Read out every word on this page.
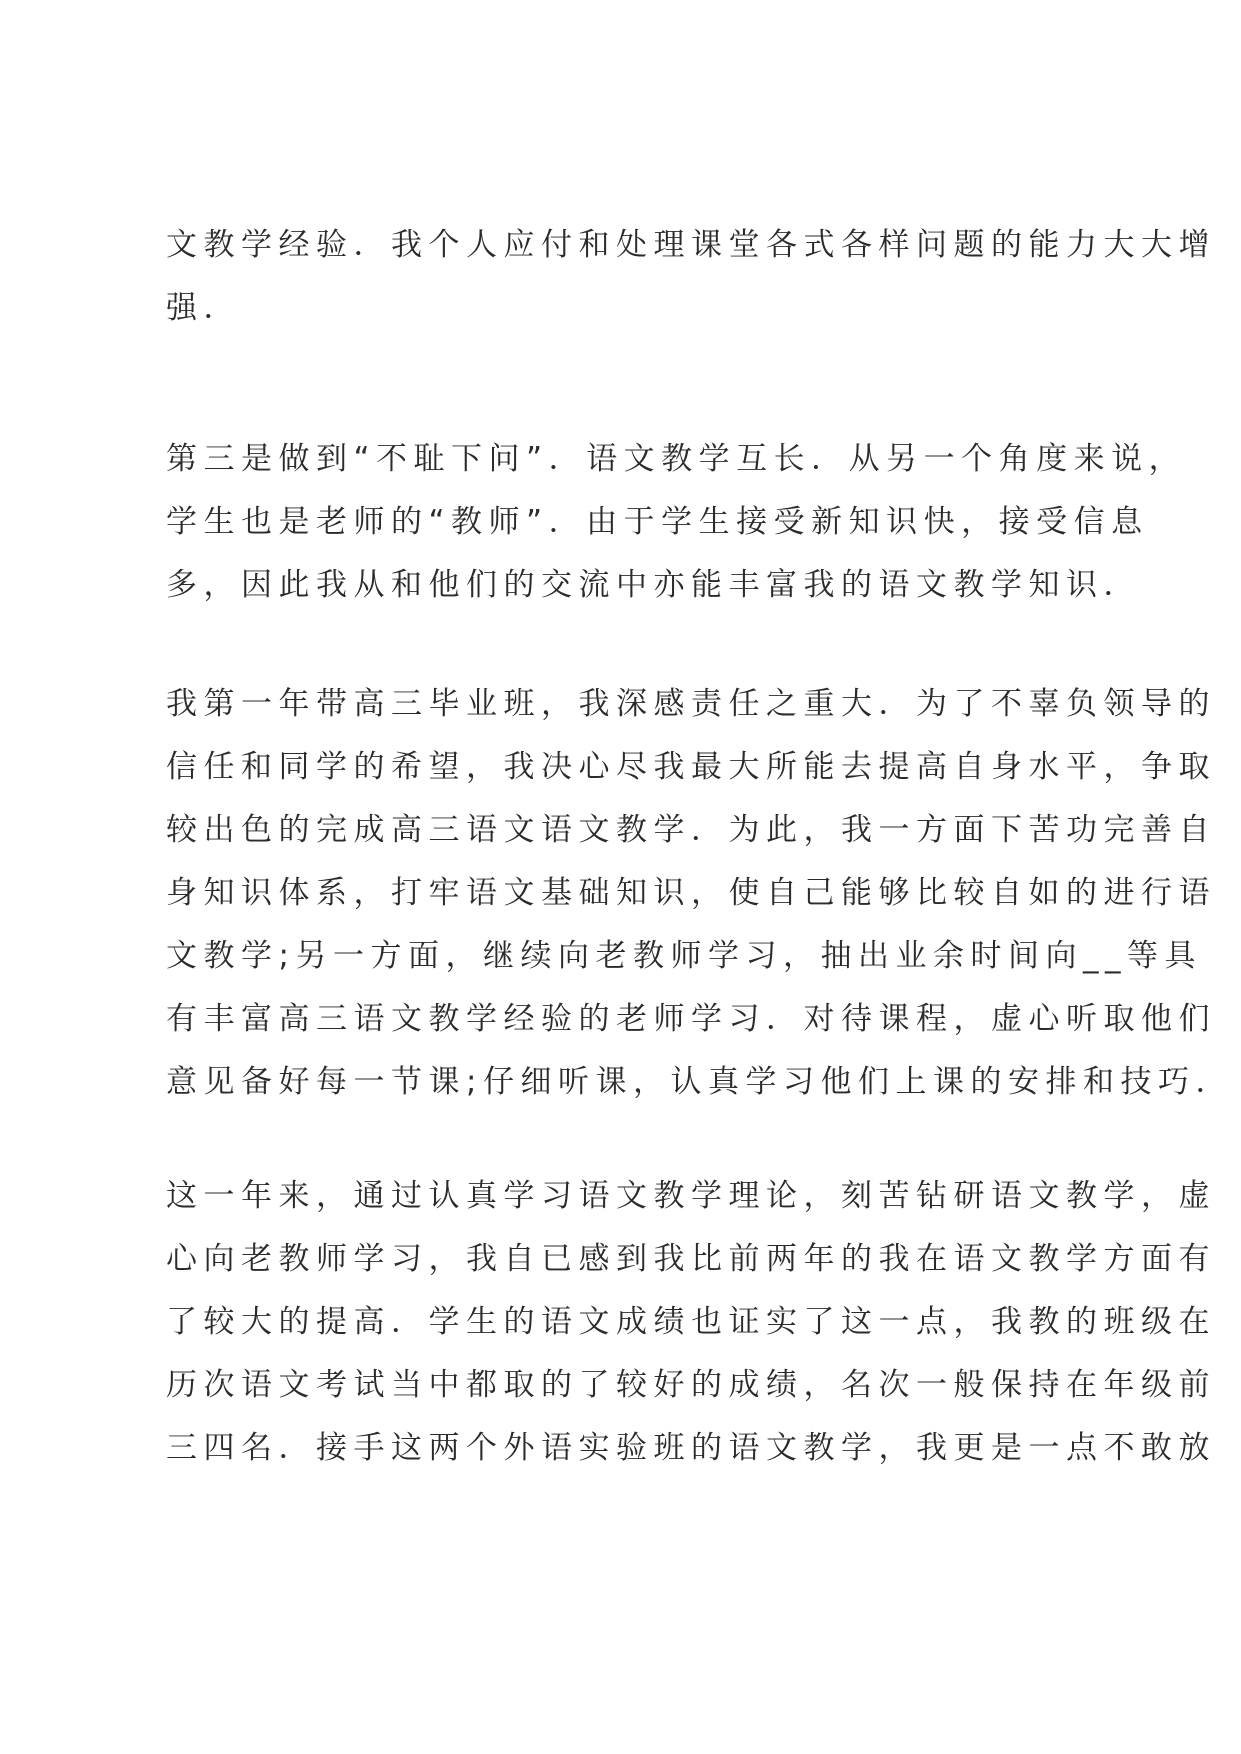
文教学经验．我个人应付和处理课堂各式各样问题的能力大大增
强．
第三是做到“不耻下问”．语文教学互长．从另一个角度来说，
学生也是老师的“教师”．由于学生接受新知识快，接受信息
多，因此我从和他们的交流中亦能丰富我的语文教学知识．
我第一年带高三毕业班，我深感责任之重大．为了不辜负领导的
信任和同学的希望，我决心尽我最大所能去提高自身水平，争取
较出色的完成高三语文语文教学．为此，我一方面下苦功完善自
身知识体系，打牢语文基础知识，使自己能够比较自如的进行语
文教学;另一方面，继续向老教师学习，抽出业余时间向__等具
有丰富高三语文教学经验的老师学习．对待课程，虚心听取他们
意见备好每一节课;仔细听课，认真学习他们上课的安排和技巧．
这一年来，通过认真学习语文教学理论，刻苦钻研语文教学，虚
心向老教师学习，我自已感到我比前两年的我在语文教学方面有
了较大的提高．学生的语文成绩也证实了这一点，我教的班级在
历次语文考试当中都取的了较好的成绩，名次一般保持在年级前
三四名．接手这两个外语实验班的语文教学，我更是一点不敢放
